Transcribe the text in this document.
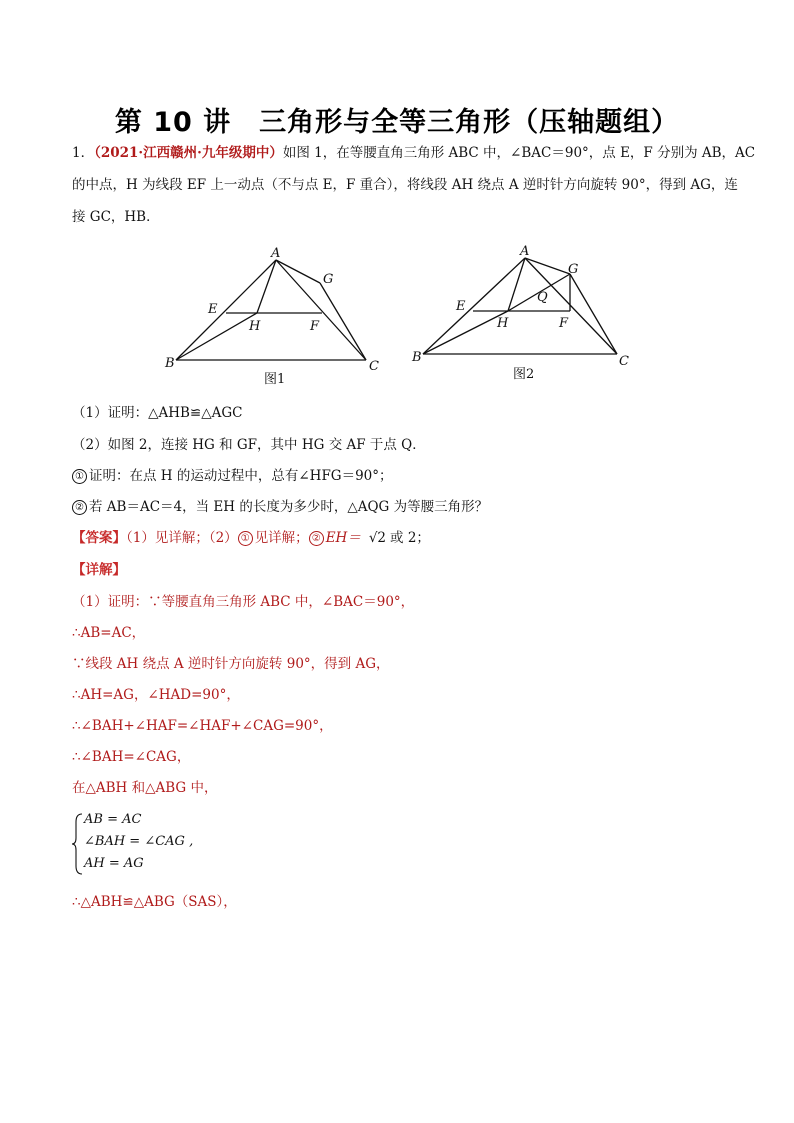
第 10 讲　三角形与全等三角形（压轴题组）
1．（2021·江西赣州·九年级期中）如图 1，在等腰直角三角形 ABC 中，∠BAC＝90°，点 E，F 分别为 AB，AC
的中点，H 为线段 EF 上一动点（不与点 E，F 重合），将线段 AH 绕点 A 逆时针方向旋转 90°，得到 AG，连
接 GC，HB．
A
B	C
E
F
G
H
图1
A
B	C
E
F
G
H
Q
图2
（1）证明：△AHB≌△AGC
（2）如图 2，连接 HG 和 GF，其中 HG 交 AF 于点 Q．
① 证明：在点 H 的运动过程中，总有∠HFG＝90°；
② 若 AB＝AC＝4，当 EH 的长度为多少时，△AQG 为等腰三角形？
【答案】（1）见详解；（2） ① 见详解； ② EH＝ √2 或 2；
【详解】
（1）证明：∵等腰直角三角形 ABC 中，∠BAC＝90°，
∴AB=AC，
∵线段 AH 绕点 A 逆时针方向旋转 90°，得到 AG，
∴AH=AG，∠HAD=90°，
∴∠BAH+∠HAF=∠HAF+∠CAG=90°，
∴∠BAH=∠CAG，
在△ABH 和△ABG 中，
AB = AC
∠BAH = ∠CAG ,
AH = AG
∴△ABH≌△ABG（SAS），
